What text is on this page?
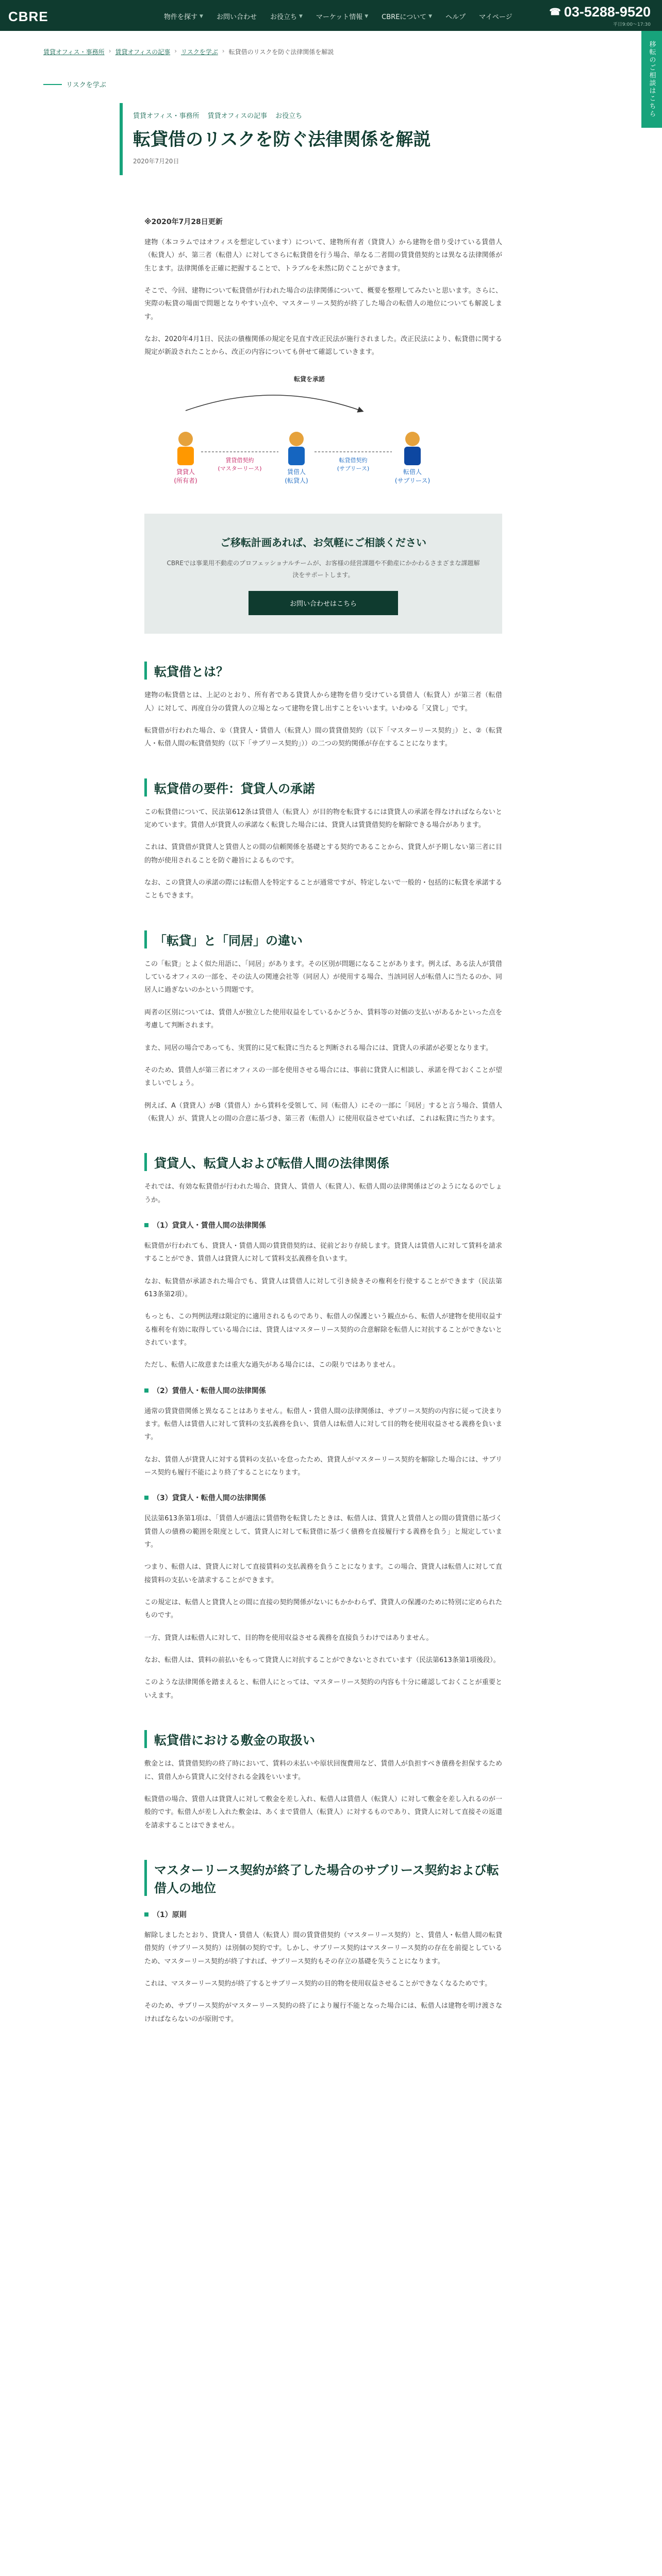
CBRE	物件を探す ▼ お問い合わせ お役立ち ▼ マーケット情報 ▼ CBREについて ▼ ヘルプ マイページ
☎ 03-5288-9520
平日9:00～17:30
移転のご相談はこちら
賃貸オフィス・事務所 › 賃貸オフィスの記事 › リスクを学ぶ › 転貸借のリスクを防ぐ法律関係を解説
リスクを学ぶ
賃貸オフィス・事務所 賃貸オフィスの記事 お役立ち
転貸借のリスクを防ぐ法律関係を解説
2020年7月20日
※2020年7月28日更新

建物（本コラムではオフィスを想定しています）について、建物所有者（貸貸人）から建物を借り受けている賃借人（転貸人）が、第三者（転借人）に対してさらに転貸借を行う場合、単なる二者間の賃貸借契約とは異なる法律関係が生じます。法律関係を正確に把握することで、トラブルを未然に防ぐことができます。

そこで、今回、建物について転貸借が行われた場合の法律関係について、概要を整理してみたいと思います。さらに、実際の転貸の場面で問題となりやすい点や、マスターリース契約が終了した場合の転借人の地位についても解説します。

なお、2020年4月1日、民法の債権関係の規定を見直す改正民法が施行されました。改正民法により、転貸借に関する規定が新設されたことから、改正の内容についても併せて確認していきます。

転貸を承諾
貸貸人
(所有者)
賃借人
(転貸人)
転借人
(サブリース)
賃貸借契約
(マスターリース)
転貸借契約
(サブリース)
ご移転計画あれば、お気軽にご相談ください
CBREでは事業用不動産のプロフェッショナルチームが、お客様の経営課題や不動産にかかわるさまざまな課題解決をサポートします。
お問い合わせはこちら
転貸借とは？

建物の転貸借とは、上記のとおり、所有者である貸貸人から建物を借り受けている賃借人（転貸人）が第三者（転借人）に対して、再度自分の賃貸人の立場となって建物を貸し出すことをいいます。いわゆる「又貸し」です。

転貸借が行われた場合、①（貸貸人・賃借人（転貸人）間の賃貸借契約（以下「マスターリース契約」）と、②（転貸人・転借人間の転貸借契約（以下「サブリース契約」））の二つの契約関係が存在することになります。

転貸借の要件：貸貸人の承諾

この転貸借について、民法第612条は賃借人（転貸人）が目的物を転貸するには貸貸人の承諾を得なければならないと定めています。賃借人が貸貸人の承諾なく転貸した場合には、貸貸人は賃貸借契約を解除できる場合があります。

これは、賃貸借が貸貸人と賃借人との間の信頼関係を基礎とする契約であることから、貸貸人が予期しない第三者に目的物が使用されることを防ぐ趣旨によるものです。

なお、この貸貸人の承諾の際には転借人を特定することが通常ですが、特定しないで一般的・包括的に転貸を承諾することもできます。

「転貸」と「同居」の違い

この「転貸」とよく似た用語に、「同居」があります。その区別が問題になることがあります。例えば、ある法人が賃借しているオフィスの一部を、その法人の関連会社等（同居人）が使用する場合、当該同居人が転借人に当たるのか、同居人に過ぎないのかという問題です。

両者の区別については、賃借人が独立した使用収益をしているかどうか、賃料等の対価の支払いがあるかといった点を考慮して判断されます。

また、同居の場合であっても、実質的に見て転貸に当たると判断される場合には、貸貸人の承諾が必要となります。

そのため、賃借人が第三者にオフィスの一部を使用させる場合には、事前に貸貸人に相談し、承諾を得ておくことが望ましいでしょう。

例えば、A（貸貸人）がB（賃借人）から賃料を受領して、同（転借人）にその一部に「同居」すると言う場合、賃借人（転貸人）が、賃貸人との間の合意に基づき、第三者（転借人）に使用収益させていれば、これは転貸に当たります。

貸貸人、転貸人および転借人間の法律関係

それでは、有効な転貸借が行われた場合、貸貸人、賃借人（転貸人）、転借人間の法律関係はどのようになるのでしょうか。

（1）貸貸人・賃借人間の法律関係

転貸借が行われても、貸貸人・賃借人間の賃貸借契約は、従前どおり存続します。貸貸人は賃借人に対して賃料を請求することができ、賃借人は貸貸人に対して賃料支払義務を負います。

なお、転貸借が承諾された場合でも、賃貸人は賃借人に対して引き続きその権利を行使することができます（民法第613条第2項）。

もっとも、この判例法理は限定的に適用されるものであり、転借人の保護という観点から、転借人が建物を使用収益する権利を有効に取得している場合には、貸貸人はマスターリース契約の合意解除を転借人に対抗することができないとされています。

ただし、転借人に故意または重大な過失がある場合には、この限りではありません。

（2）賃借人・転借人間の法律関係

通常の賃貸借関係と異なることはありません。転借人・賃借人間の法律関係は、サブリース契約の内容に従って決まります。転借人は賃借人に対して賃料の支払義務を負い、賃借人は転借人に対して目的物を使用収益させる義務を負います。

なお、賃借人が貸貸人に対する賃料の支払いを怠ったため、貸貸人がマスターリース契約を解除した場合には、サブリース契約も履行不能により終了することになります。

（3）貸貸人・転借人間の法律関係

民法第613条第1項は、「賃借人が適法に賃借物を転貸したときは、転借人は、賃貸人と賃借人との間の賃貸借に基づく賃借人の債務の範囲を限度として、賃貸人に対して転貸借に基づく債務を直接履行する義務を負う」と規定しています。

つまり、転借人は、貸貸人に対して直接賃料の支払義務を負うことになります。この場合、貸貸人は転借人に対して直接賃料の支払いを請求することができます。

この規定は、転借人と貸貸人との間に直接の契約関係がないにもかかわらず、貸貸人の保護のために特別に定められたものです。

一方、貸貸人は転借人に対して、目的物を使用収益させる義務を直接負うわけではありません。

なお、転借人は、賃料の前払いをもって貸貸人に対抗することができないとされています（民法第613条第1項後段）。

このような法律関係を踏まえると、転借人にとっては、マスターリース契約の内容も十分に確認しておくことが重要といえます。

転貸借における敷金の取扱い

敷金とは、賃貸借契約の終了時において、賃料の未払いや原状回復費用など、賃借人が負担すべき債務を担保するために、賃借人から賃貸人に交付される金銭をいいます。

転貸借の場合、賃借人は貸貸人に対して敷金を差し入れ、転借人は賃借人（転貸人）に対して敷金を差し入れるのが一般的です。転借人が差し入れた敷金は、あくまで賃借人（転貸人）に対するものであり、貸貸人に対して直接その返還を請求することはできません。

マスターリース契約が終了した場合のサブリース契約および転借人の地位
（1）原則

解除しましたとおり、貸貸人・賃借人（転貸人）間の賃貸借契約（マスターリース契約）と、賃借人・転借人間の転貸借契約（サブリース契約）は別個の契約です。しかし、サブリース契約はマスターリース契約の存在を前提としているため、マスターリース契約が終了すれば、サブリース契約もその存立の基礎を失うことになります。

これは、マスターリース契約が終了するとサブリース契約の目的物を使用収益させることができなくなるためです。

そのため、サブリース契約がマスターリース契約の終了により履行不能となった場合には、転借人は建物を明け渡さなければならないのが原則です。
